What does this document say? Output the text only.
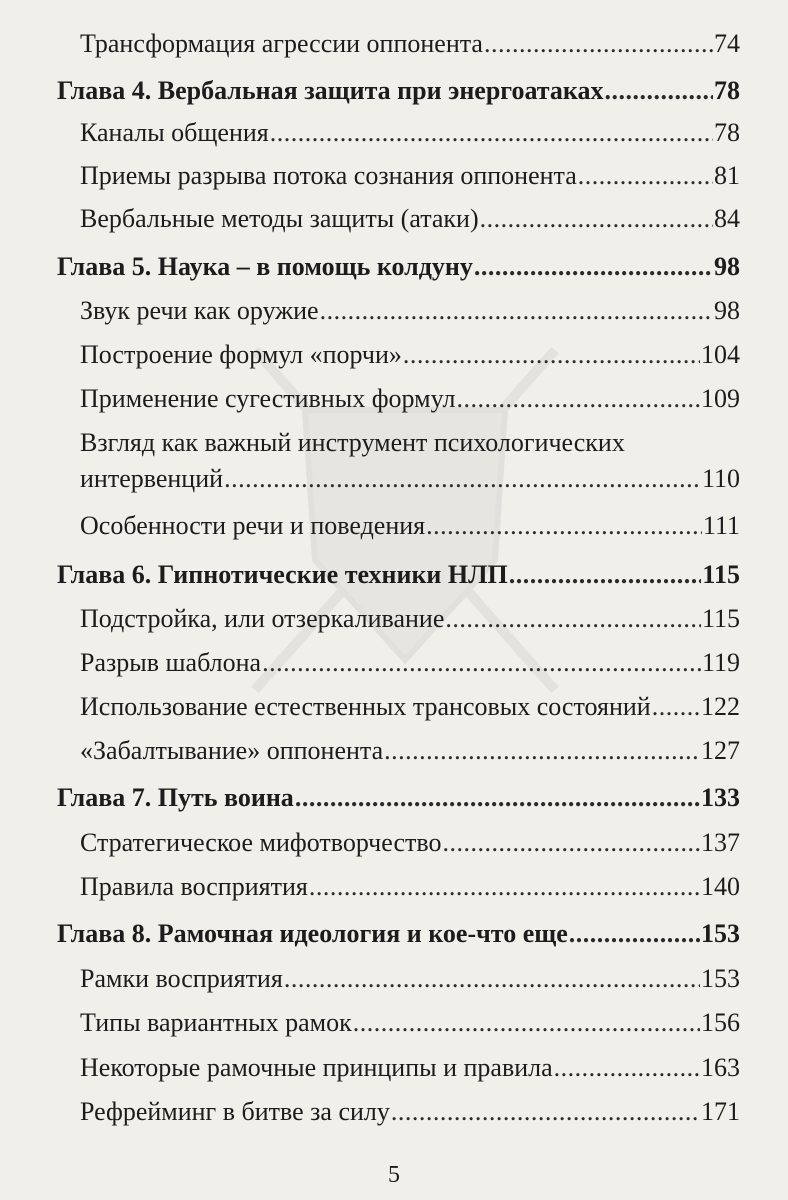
Трансформация агрессии оппонента . . .	74
Глава 4. Вербальная защита при энергоатаках . . .	78
Каналы общения . . .	78
Приемы разрыва потока сознания оппонента . . .	81
Вербальные методы защиты (атаки) . . .	84
Глава 5. Наука – в помощь колдуну . . .	98
Звук речи как оружие . . .	98
Построение формул «порчи» . . .	104
Применение сугестивных формул . . .	109
Взгляд как важный инструмент психологических
интервенций . . .	110
Особенности речи и поведения . . .	111
Глава 6. Гипнотические техники НЛП . . .	115
Подстройка, или отзеркаливание . . .	115
Разрыв шаблона . . .	119
Использование естественных трансовых состояний . . . 122
«Забалтывание» оппонента . . .	127
Глава 7. Путь воина . . .	133
Стратегическое мифотворчество . . .	137
Правила восприятия . . .	140
Глава 8. Рамочная идеология и кое-что еще . . .	153
Рамки восприятия . . .	153
Типы вариантных рамок . . .	156
Некоторые рамочные принципы и правила . . .	163
Рефрейминг в битве за силу . . .	171
5
